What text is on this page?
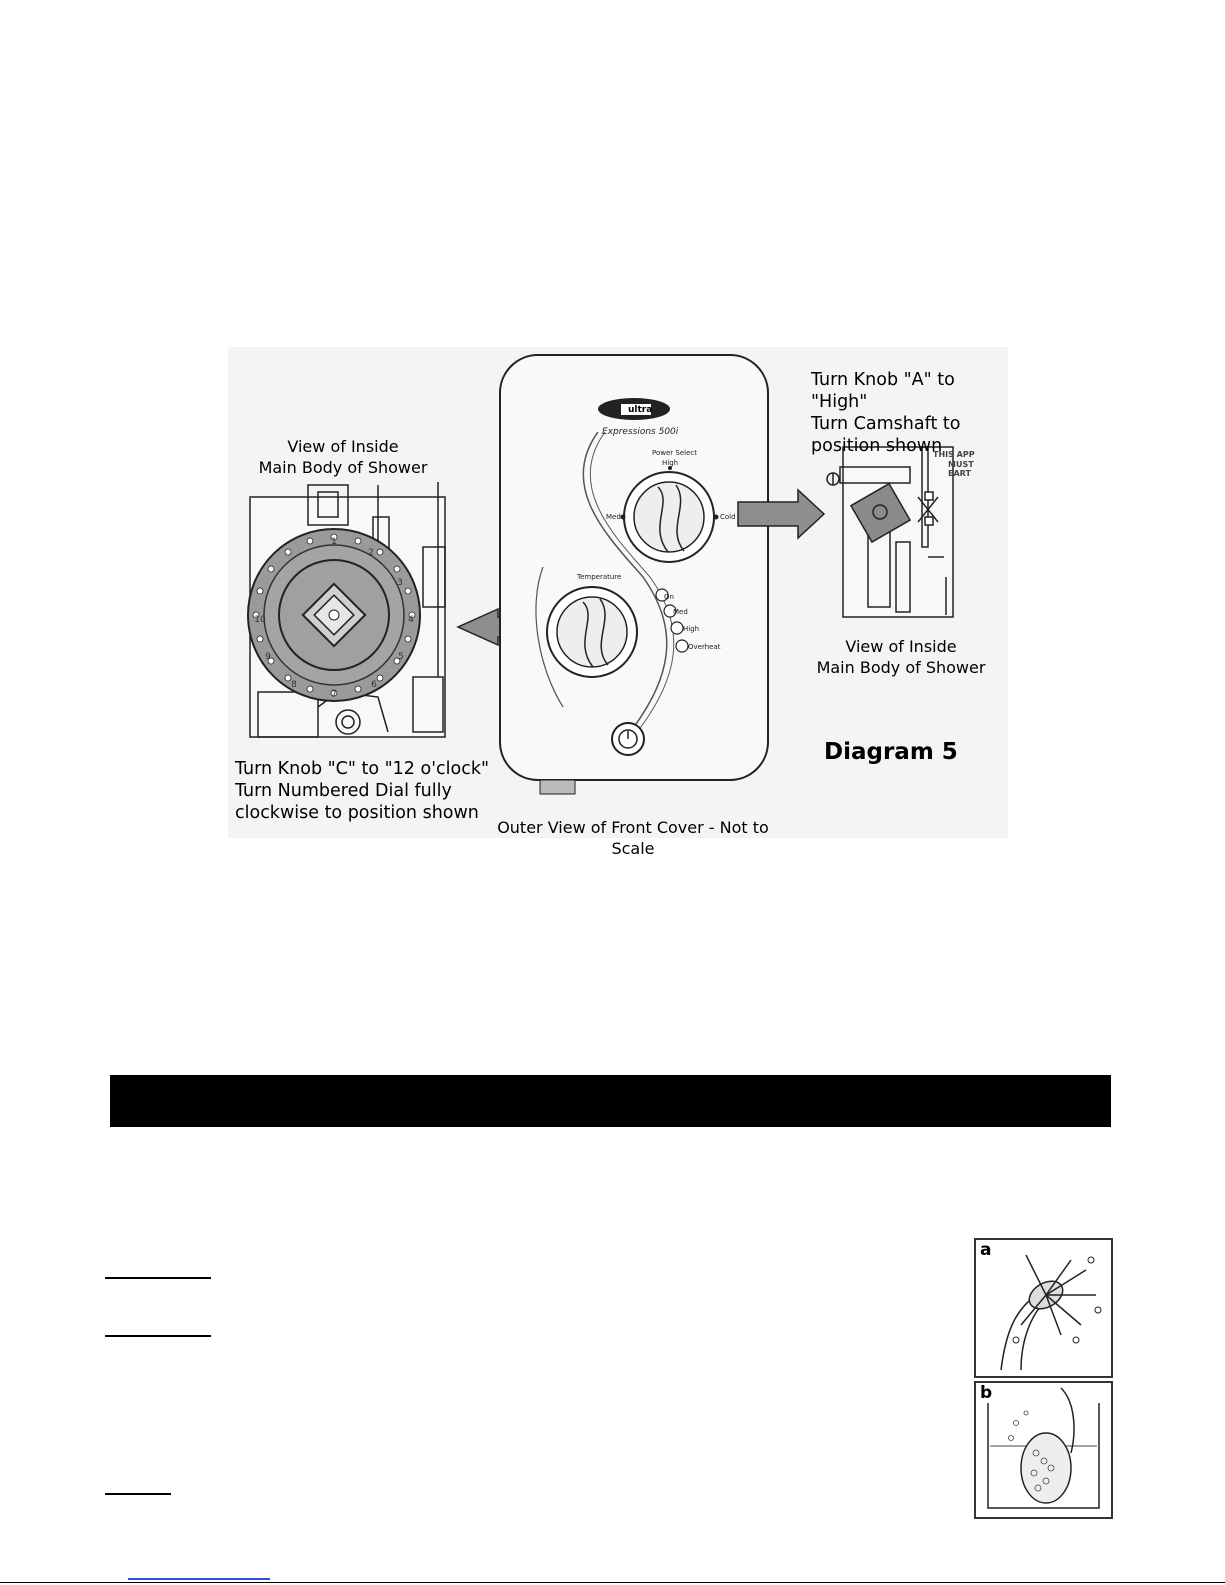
1
2
3
4
5
6
7
8
9
10
ultra
Expressions 500i
Power Select
High
Med	Cold
Temperature
On
Med
High
Overheat
THIS APP
MUST
EART
View of Inside
Main Body of Shower
Turn Knob "C" to "12 o'clock"
Turn Numbered Dial fully
clockwise to position shown
Turn Knob "A" to "High"
Turn Camshaft to
position shown
View of Inside
Main Body of Shower
Diagram 5
Outer View of Front Cover - Not to Scale
a
b
